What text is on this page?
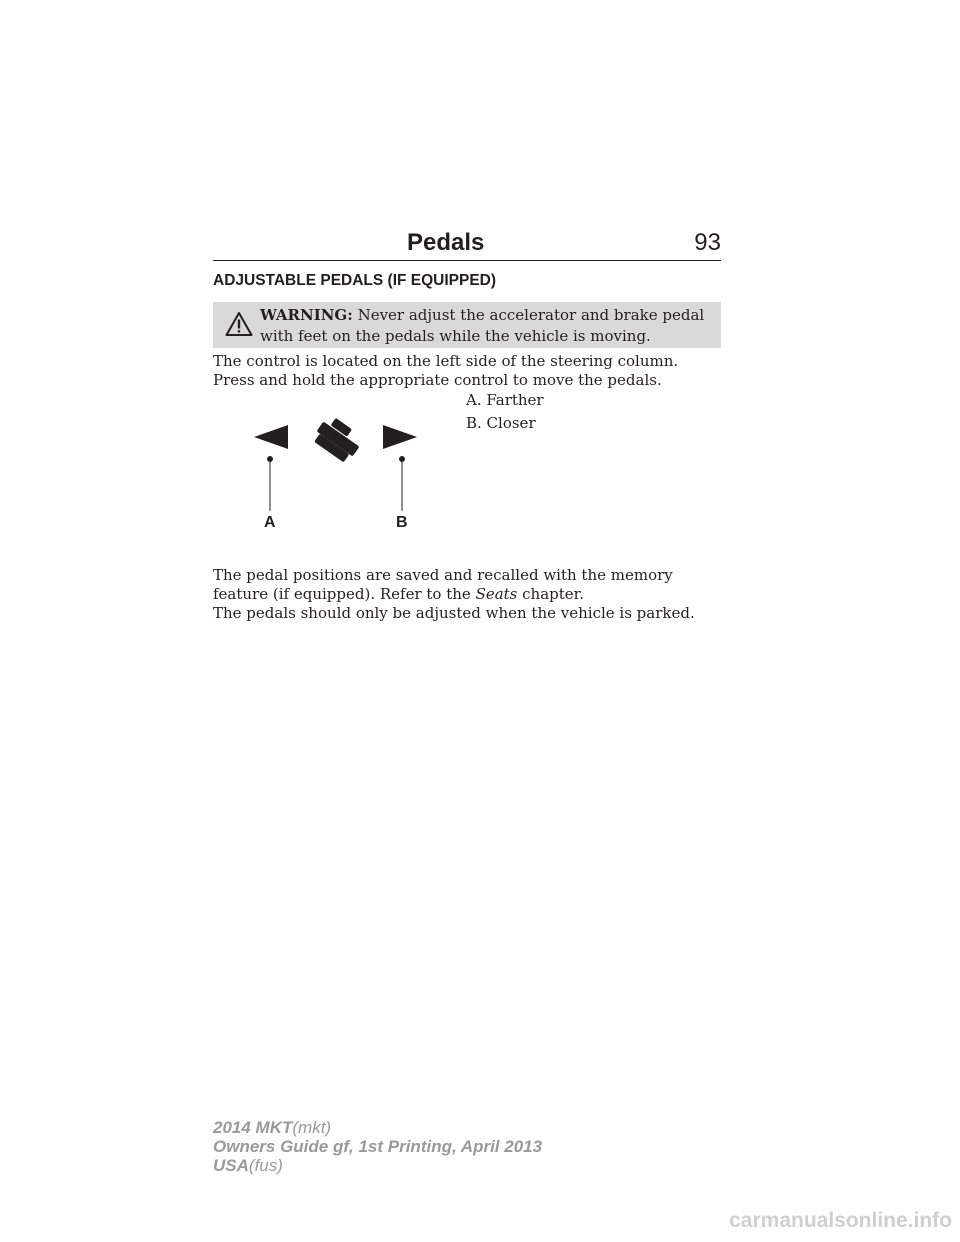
Pedals	93
ADJUSTABLE PEDALS (IF EQUIPPED)
WARNING: Never adjust the accelerator and brake pedal with feet on the pedals while the vehicle is moving.
The control is located on the left side of the steering column. Press and hold the appropriate control to move the pedals.
A. Farther
B. Closer
A	B
The pedal positions are saved and recalled with the memory feature (if equipped). Refer to the Seats chapter.
The pedals should only be adjusted when the vehicle is parked.
2014 MKT(mkt)
Owners Guide gf, 1st Printing, April 2013
USA(fus)
carmanualsonline.info
